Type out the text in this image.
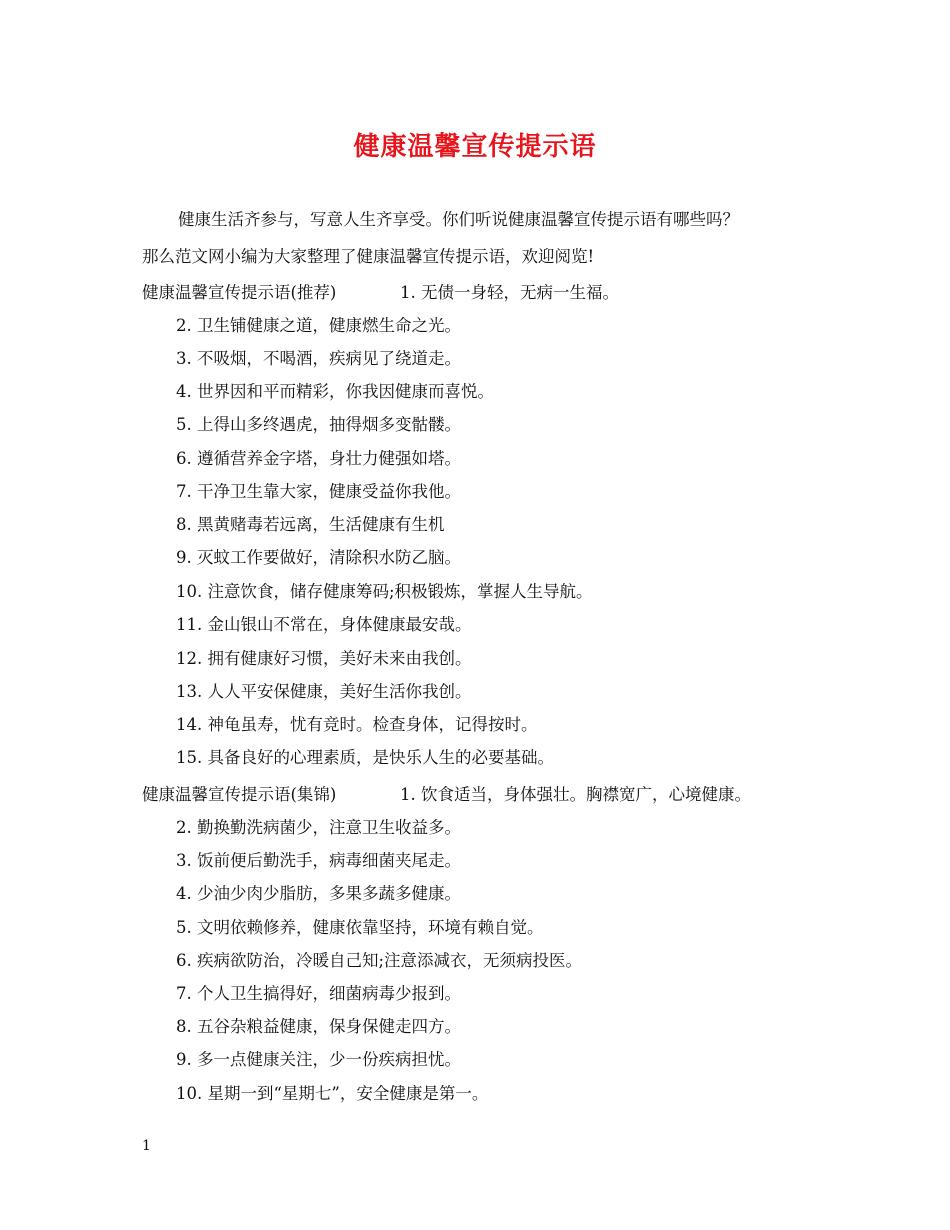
健康温馨宣传提示语
健康生活齐参与，写意人生齐享受。你们听说健康温馨宣传提示语有哪些吗？
那么范文网小编为大家整理了健康温馨宣传提示语，欢迎阅览!
健康温馨宣传提示语(推荐)	1. 无债一身轻，无病一生福。
2. 卫生铺健康之道，健康燃生命之光。
3. 不吸烟，不喝酒，疾病见了绕道走。
4. 世界因和平而精彩，你我因健康而喜悦。
5. 上得山多终遇虎，抽得烟多变骷髅。
6. 遵循营养金字塔，身壮力健强如塔。
7. 干净卫生靠大家，健康受益你我他。
8. 黑黄赌毒若远离，生活健康有生机
9. 灭蚊工作要做好，清除积水防乙脑。
10. 注意饮食，储存健康筹码;积极锻炼，掌握人生导航。
11. 金山银山不常在，身体健康最安哉。
12. 拥有健康好习惯，美好未来由我创。
13. 人人平安保健康，美好生活你我创。
14. 神龟虽寿，忧有竞时。检查身体，记得按时。
15. 具备良好的心理素质，是快乐人生的必要基础。
健康温馨宣传提示语(集锦)	1. 饮食适当，身体强壮。胸襟宽广，心境健康。
2. 勤换勤洗病菌少，注意卫生收益多。
3. 饭前便后勤洗手，病毒细菌夹尾走。
4. 少油少肉少脂肪，多果多蔬多健康。
5. 文明依赖修养，健康依靠坚持，环境有赖自觉。
6. 疾病欲防治，冷暖自己知;注意添减衣，无须病投医。
7. 个人卫生搞得好，细菌病毒少报到。
8. 五谷杂粮益健康，保身保健走四方。
9. 多一点健康关注，少一份疾病担忧。
10. 星期一到“星期七”，安全健康是第一。
1
